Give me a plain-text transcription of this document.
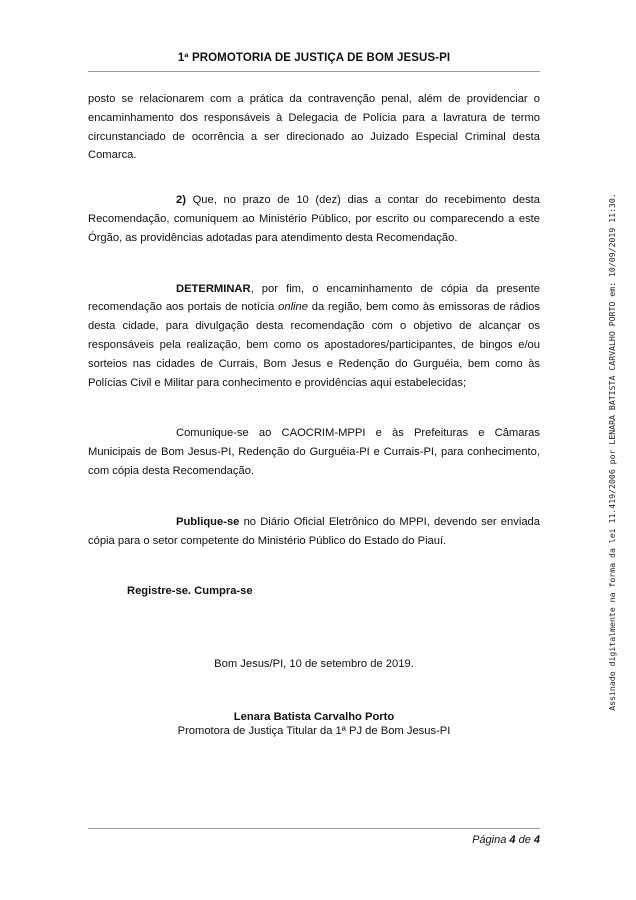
1ª PROMOTORIA DE JUSTIÇA DE BOM JESUS-PI

posto se relacionarem com a prática da contravenção penal, além de providenciar o encaminhamento dos responsáveis à Delegacia de Polícia para a lavratura de termo circunstanciado de ocorrência a ser direcionado ao Juizado Especial Criminal desta Comarca.

2) Que, no prazo de 10 (dez) dias a contar do recebimento desta Recomendação, comuniquem ao Ministério Público, por escrito ou comparecendo a este Órgão, as providências adotadas para atendimento desta Recomendação.

DETERMINAR, por fim, o encaminhamento de cópia da presente recomendação aos portais de notícia online da região, bem como às emissoras de rádios desta cidade, para divulgação desta recomendação com o objetivo de alcançar os responsáveis pela realização, bem como os apostadores/participantes, de bingos e/ou sorteios nas cidades de Currais, Bom Jesus e Redenção do Gurguéia, bem como às Polícias Civil e Militar para conhecimento e providências aqui estabelecidas;

Comunique-se ao CAOCRIM-MPPI e às Prefeituras e Câmaras Municipais de Bom Jesus-PI, Redenção do Gurguéia-PI e Currais-PI, para conhecimento, com cópia desta Recomendação.

Publique-se no Diário Oficial Eletrônico do MPPI, devendo ser enviada cópia para o setor competente do Ministério Público do Estado do Piauí.

Registre-se. Cumpra-se

Bom Jesus/PI, 10 de setembro de 2019.
Lenara Batista Carvalho Porto
Promotora de Justiça Titular da 1ª PJ de Bom Jesus-PI
Página 4 de 4
Assinado digitalmente na forma da lei 11.419/2006 por LENARA BATISTA CARVALHO PORTO em: 10/09/2019 11:30.
